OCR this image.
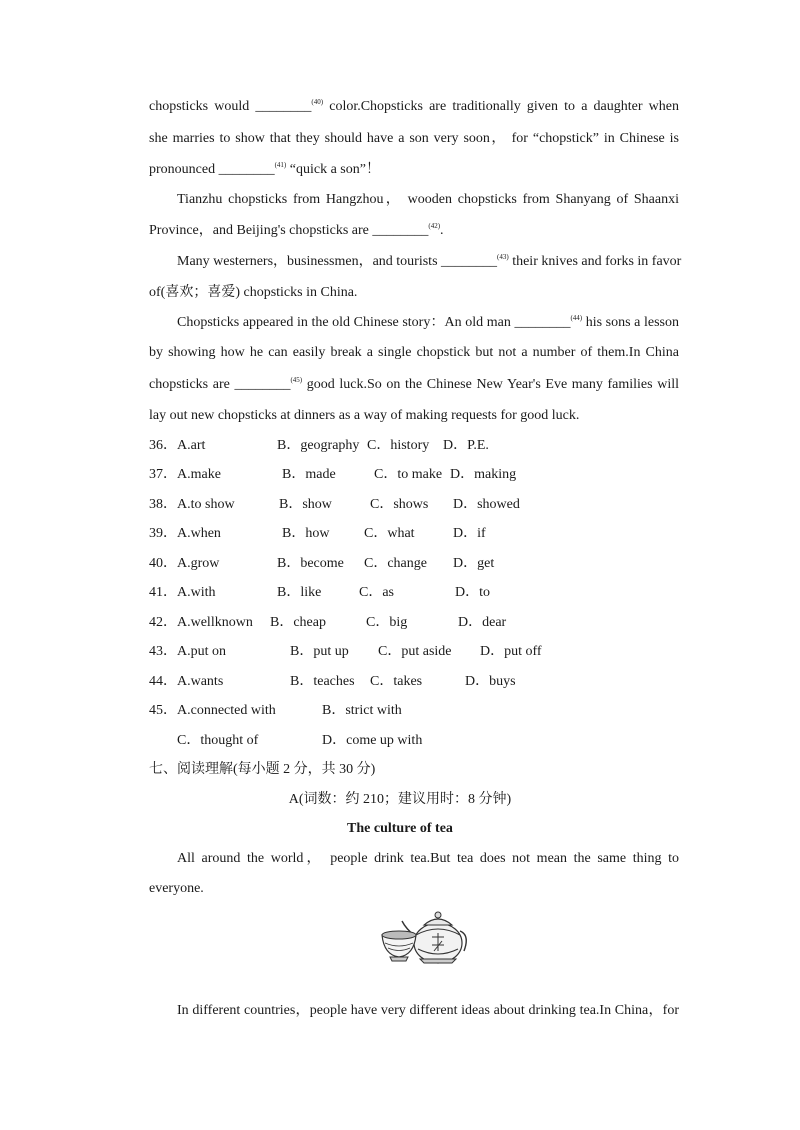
chopsticks would ________$^{(40)}$ color.Chopsticks are traditionally given to a daughter when
she marries to show that they should have a son very soon， for “chopstick” in Chinese is
pronounced ________$^{(41)}$ “quick a son”！
Tianzhu chopsticks from Hangzhou， wooden chopsticks from Shanyang of Shaanxi
Province，and Beijing's chopsticks are ________$^{(42)}$.
Many westerners，businessmen，and tourists ________$^{(43)}$ their knives and forks in favor
of(喜欢；喜爱) chopsticks in China.
Chopsticks appeared in the old Chinese story：An old man ________$^{(44)}$ his sons a lesson
by showing how he can easily break a single chopstick but not a number of them.In China
chopsticks are ________$^{(45)}$ good luck.So on the Chinese New Year's Eve many families will
lay out new chopsticks at dinners as a way of making requests for good luck.
36． A.art	B．geography C．history D．P.E.
37． A.make	B．made	C．to make D．making
38． A.to show	B．show	C．shows D．showed
39． A.when	B．how C．what	D．if
40． A.grow	B．become C．change D．get
41． A.with	B．like	C．as	D．to
42． A.wellknown B．cheap	C．big	D．dear
43． A.put on	B．put up C．put aside D．put off
44． A.wants	B．teaches C．takes	D．buys
45． A.connected with	B．strict with
C．thought of	D．come up with
七、阅读理解(每小题 2 分，共 30 分)
A(词数：约 210；建议用时：8 分钟)
The culture of tea
All around the world， people drink tea.But tea does not mean the same thing to
everyone.
In different countries，people have very different ideas about drinking tea.In China，for
